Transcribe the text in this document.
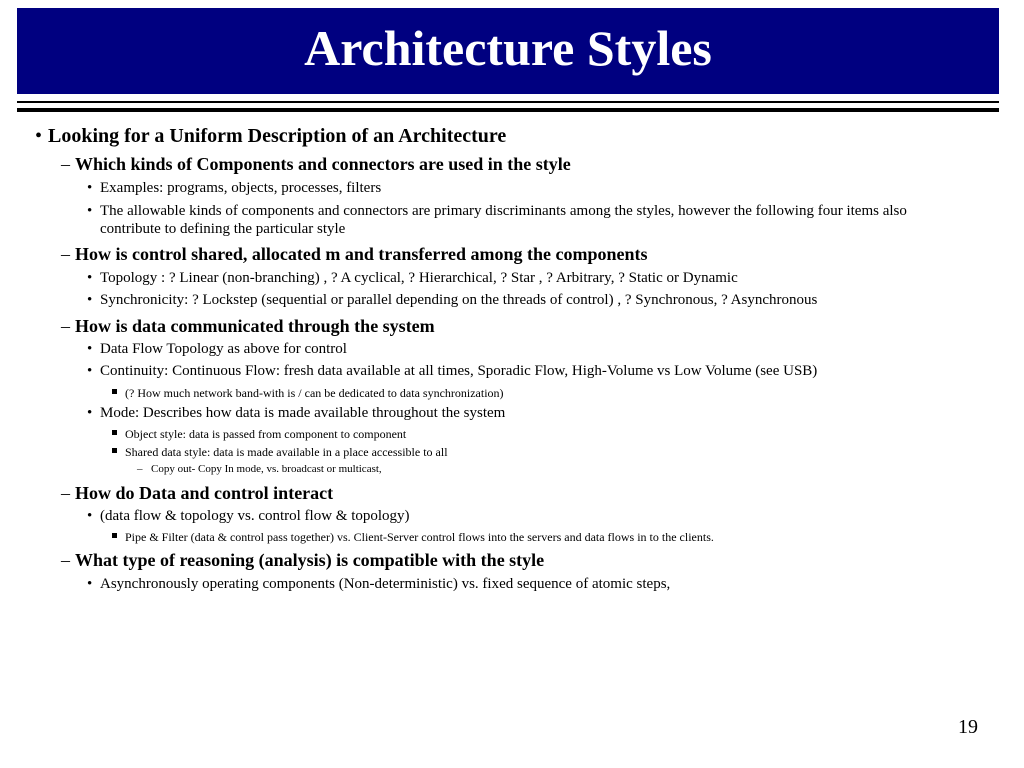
Architecture Styles
• Looking for a Uniform Description of an Architecture
– Which kinds of Components and connectors are used in the style
• Examples: programs, objects, processes, filters
• The allowable kinds of components and connectors are primary discriminants among the styles, however the following four items also contribute to defining the particular style
– How is control shared, allocated m and transferred among the components
• Topology : ? Linear (non-branching) , ? A cyclical, ? Hierarchical, ? Star , ? Arbitrary, ? Static or Dynamic
• Synchronicity: ? Lockstep (sequential or parallel depending on the threads of control) , ? Synchronous, ? Asynchronous
– How is data communicated through the system
• Data Flow Topology as above for control
• Continuity: Continuous Flow: fresh data available at all times, Sporadic Flow, High-Volume vs Low Volume (see USB)
(? How much network band-with is / can be dedicated to data synchronization)
• Mode: Describes how data is made available throughout the system
Object style: data is passed from component to component
Shared data style: data is made available in a place accessible to all
– Copy out- Copy In mode, vs. broadcast or multicast,
– How do Data and control interact
• (data flow & topology vs. control flow & topology)
Pipe & Filter (data & control pass together) vs. Client-Server control flows into the servers and data flows in to the clients.
– What type of reasoning (analysis) is compatible with the style
• Asynchronously operating components (Non-deterministic) vs. fixed sequence of atomic steps,
19
